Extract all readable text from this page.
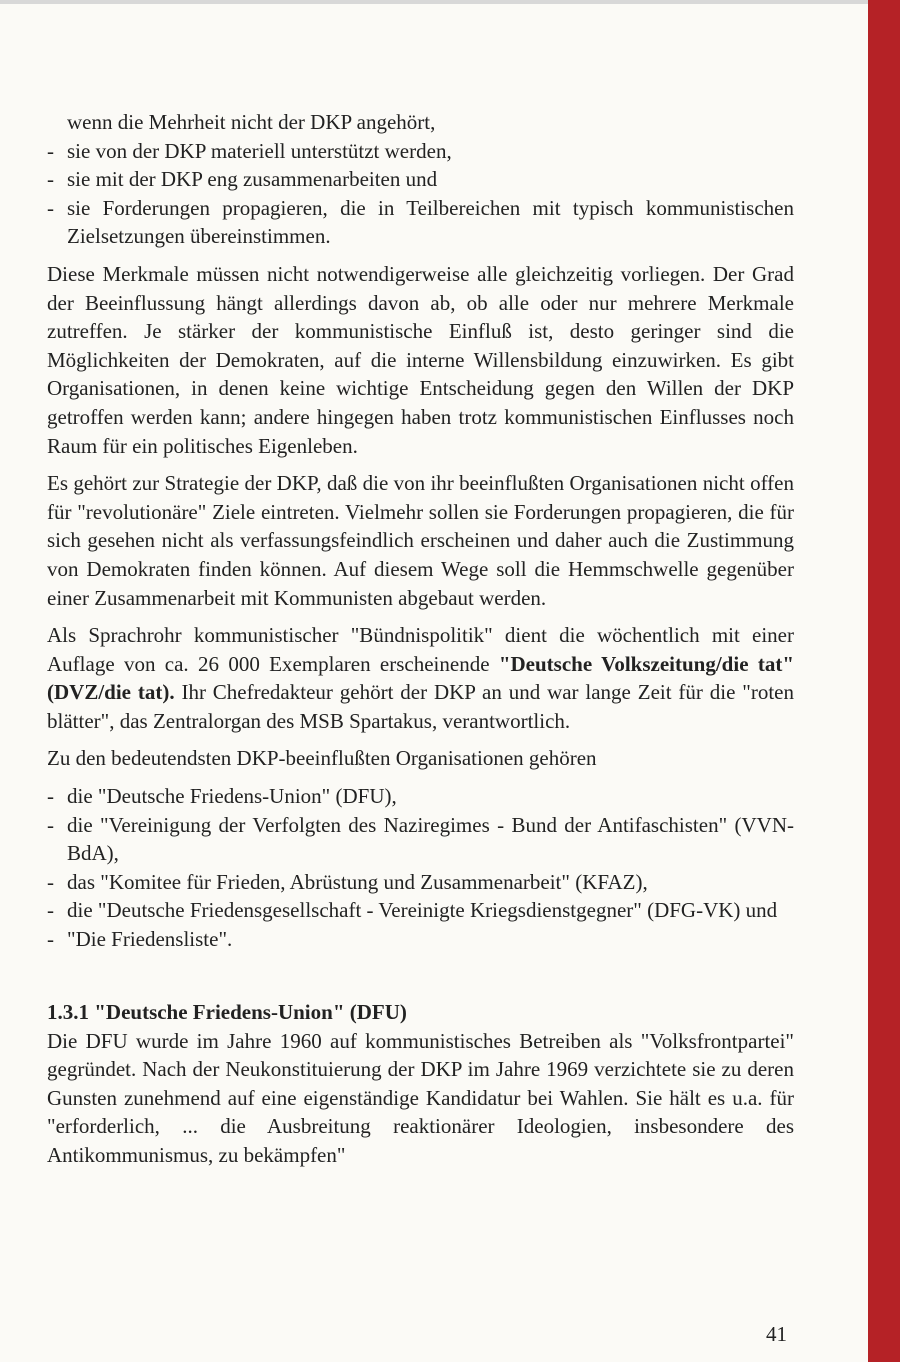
wenn die Mehrheit nicht der DKP angehört,

- sie von der DKP materiell unterstützt werden,
- sie mit der DKP eng zusammenarbeiten und
- sie Forderungen propagieren, die in Teilbereichen mit typisch kommunistischen Zielsetzungen übereinstimmen.

Diese Merkmale müssen nicht notwendigerweise alle gleichzeitig vorliegen. Der Grad der Beeinflussung hängt allerdings davon ab, ob alle oder nur mehrere Merkmale zutreffen. Je stärker der kommunistische Einfluß ist, desto geringer sind die Möglichkeiten der Demokraten, auf die interne Willensbildung einzuwirken. Es gibt Organisationen, in denen keine wichtige Entscheidung gegen den Willen der DKP getroffen werden kann; andere hingegen haben trotz kommunistischen Einflusses noch Raum für ein politisches Eigenleben.

Es gehört zur Strategie der DKP, daß die von ihr beeinflußten Organisationen nicht offen für "revolutionäre" Ziele eintreten. Vielmehr sollen sie Forderungen propagieren, die für sich gesehen nicht als verfassungsfeindlich erscheinen und daher auch die Zustimmung von Demokraten finden können. Auf diesem Wege soll die Hemmschwelle gegenüber einer Zusammenarbeit mit Kommunisten abgebaut werden.

Als Sprachrohr kommunistischer "Bündnispolitik" dient die wöchentlich mit einer Auflage von ca. 26 000 Exemplaren erscheinende "Deutsche Volkszeitung/die tat" (DVZ/die tat). Ihr Chefredakteur gehört der DKP an und war lange Zeit für die "roten blätter", das Zentralorgan des MSB Spartakus, verantwortlich.

Zu den bedeutendsten DKP-beeinflußten Organisationen gehören

- die "Deutsche Friedens-Union" (DFU),
- die "Vereinigung der Verfolgten des Naziregimes - Bund der Antifaschisten" (VVN-BdA),
- das "Komitee für Frieden, Abrüstung und Zusammenarbeit" (KFAZ),
- die "Deutsche Friedensgesellschaft - Vereinigte Kriegsdienstgegner" (DFG-VK) und
- "Die Friedensliste".
1.3.1 "Deutsche Friedens-Union" (DFU)

Die DFU wurde im Jahre 1960 auf kommunistisches Betreiben als "Volksfrontpartei" gegründet. Nach der Neukonstituierung der DKP im Jahre 1969 verzichtete sie zu deren Gunsten zunehmend auf eine eigenständige Kandidatur bei Wahlen. Sie hält es u.a. für "erforderlich, ... die Ausbreitung reaktionärer Ideologien, insbesondere des Antikommunismus, zu bekämpfen"

41
